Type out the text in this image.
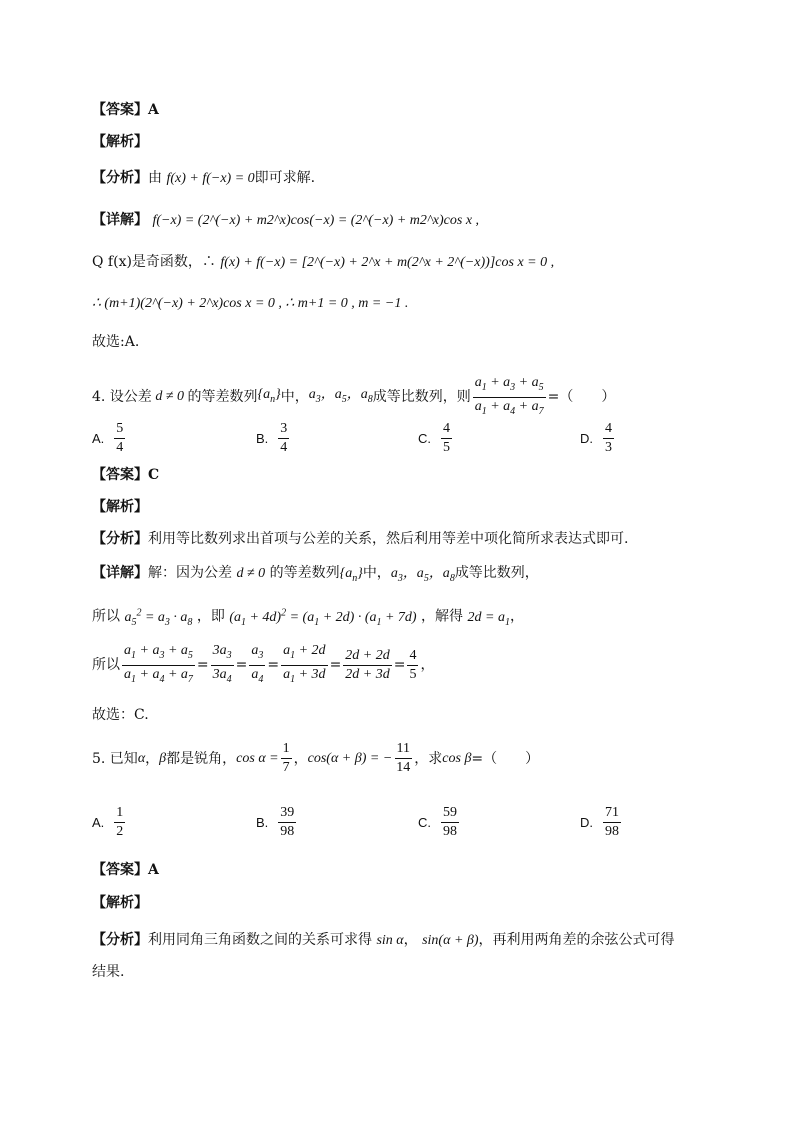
【答案】A
【解析】
【分析】由 f(x) + f(−x) = 0即可求解.
【详解】 f(−x) = (2^(−x) + m2^x)cos(−x) = (2^(−x) + m2^x)cos x ,
Q f(x)是奇函数，∴ f(x) + f(−x) = [2^(−x) + 2^x + m(2^x + 2^(−x))]cos x = 0 ,
∴ (m+1)(2^(−x) + 2^x)cos x = 0 , ∴ m+1 = 0 , m = −1 .
故选:A.
4. 设公差 d ≠ 0 的等差数列 $\{a_n\}$ 中， $a_3$，$a_5$，$a_8$ 成等比数列，则 $\frac{a_1 + a_3 + a_5}{a_1 + a_4 + a_7}$ =（　　）
A. $\frac{5}{4}$	B. $\frac{3}{4}$	C. $\frac{4}{5}$	D. $\frac{4}{3}$
【答案】C
【解析】
【分析】利用等比数列求出首项与公差的关系，然后利用等差中项化简所求表达式即可.
【详解】解：因为公差 d ≠ 0 的等差数列$\{a_n\}$中，$a_3$，$a_5$，$a_8$成等比数列，
所以 $a_5^2 = a_3 \cdot a_8$ ，即 $(a_1 + 4d)^2 = (a_1 + 2d) \cdot (a_1 + 7d)$ ，解得 $2d = a_1$，
所以 $\frac{a_1 + a_3 + a_5}{a_1 + a_4 + a_7} = \frac{3a_3}{3a_4} = \frac{a_3}{a_4} = \frac{a_1 + 2d}{a_1 + 3d} = \frac{2d + 2d}{2d + 3d} = \frac{4}{5}$ ，
故选：C.
5. 已知 α ， β 都是锐角， $\cos \alpha = \frac{1}{7}$ ， cos(α + β) = − $\frac{11}{14}$ ，求 cos β =（　　）
A. $\frac{1}{2}$	B. $\frac{39}{98}$	C. $\frac{59}{98}$	D. $\frac{71}{98}$
【答案】A
【解析】
【分析】利用同角三角函数之间的关系可求得 sin α， sin(α + β)，再利用两角差的余弦公式可得
结果.
